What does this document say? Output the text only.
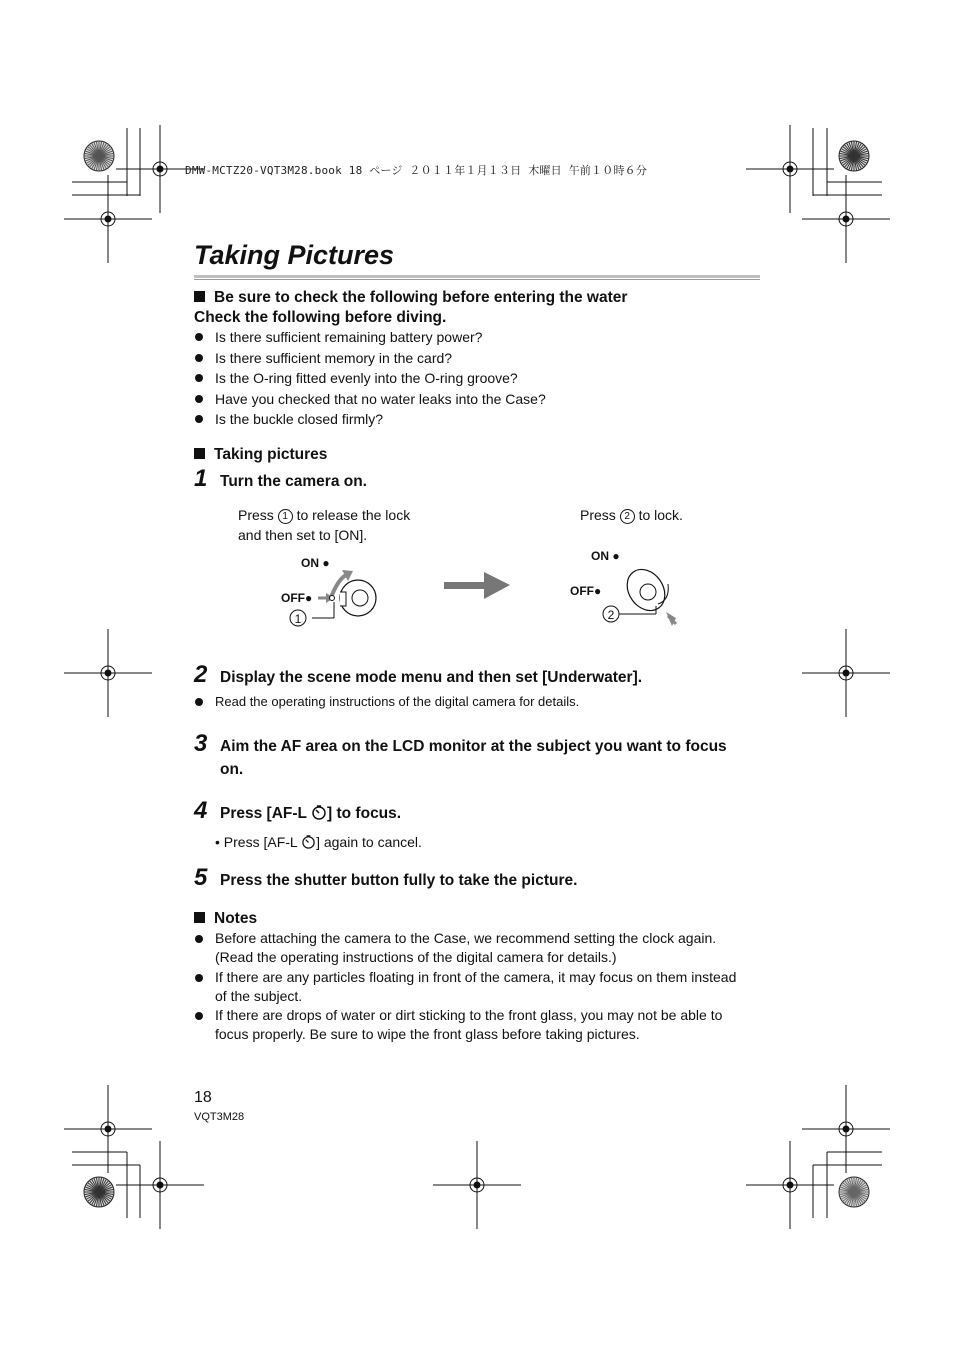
DMW-MCTZ20-VQT3M28.book 18 ページ ２０１１年１月１３日 木曜日 午前１０時６分
Taking Pictures
Be sure to check the following before entering the water
Check the following before diving.
Is there sufficient remaining battery power?
Is there sufficient memory in the card?
Is the O-ring fitted evenly into the O-ring groove?
Have you checked that no water leaks into the Case?
Is the buckle closed firmly?
Taking pictures
1 Turn the camera on.
Press 1 to release the lock
and then set to [ON].
Press 2 to lock.
ON ●
OFF●
1
ON ●
OFF●
2
2 Display the scene mode menu and then set [Underwater].
Read the operating instructions of the digital camera for details.
3 Aim the AF area on the LCD monitor at the subject you want to focus
on.
4 Press [AF-L ] to focus.
• Press [AF-L ] again to cancel.
5 Press the shutter button fully to take the picture.
Notes
Before attaching the camera to the Case, we recommend setting the clock again.
(Read the operating instructions of the digital camera for details.)
If there are any particles floating in front of the camera, it may focus on them instead
of the subject.
If there are drops of water or dirt sticking to the front glass, you may not be able to
focus properly. Be sure to wipe the front glass before taking pictures.
18
VQT3M28
